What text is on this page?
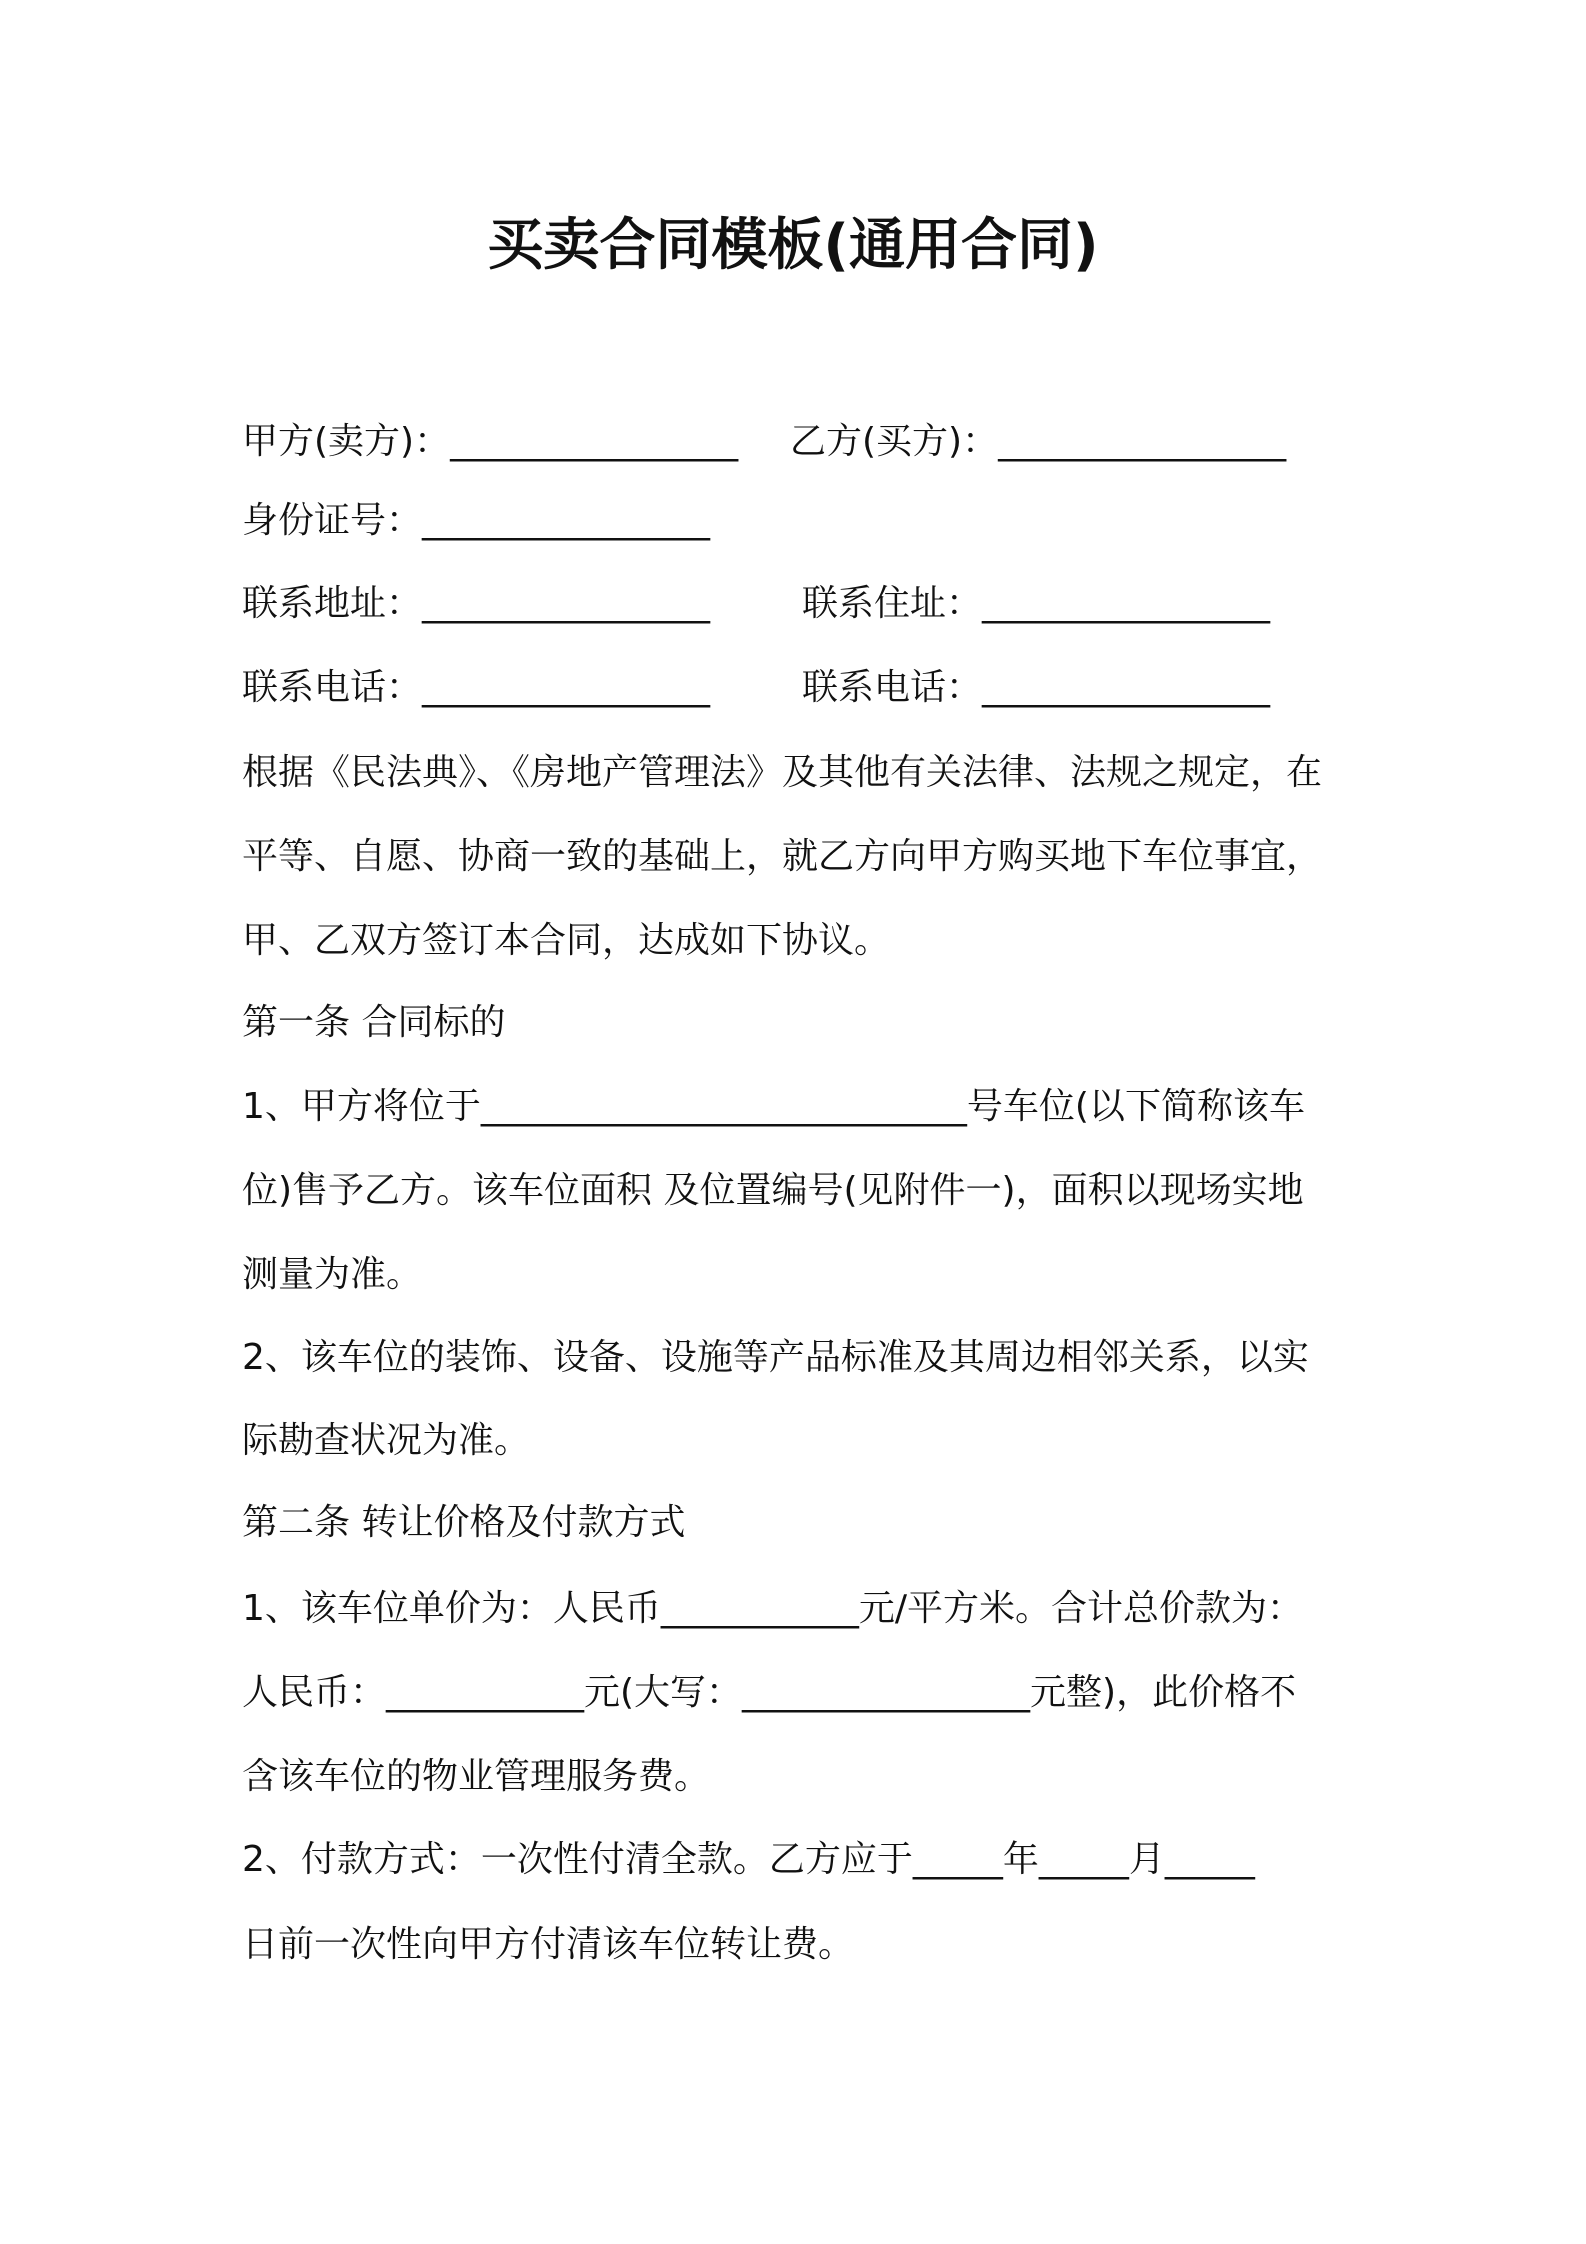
买卖合同模板(通用合同)
甲方(卖方)：________________ 乙方(买方)：________________
身份证号：________________
联系地址：________________	联系住址：________________
联系电话：________________	联系电话：________________
根据《民法典》、《房地产管理法》及其他有关法律、法规之规定，在
平等、自愿、协商一致的基础上，就乙方向甲方购买地下车位事宜，
甲、乙双方签订本合同，达成如下协议。
第一条 合同标的
1、甲方将位于___________________________号车位(以下简称该车
位)售予乙方。该车位面积 及位置编号(见附件一)，面积以现场实地
测量为准。
2、该车位的装饰、设备、设施等产品标准及其周边相邻关系，以实
际勘查状况为准。
第二条 转让价格及付款方式
1、该车位单价为：人民币___________元/平方米。合计总价款为：
人民币：___________元(大写：________________元整)，此价格不
含该车位的物业管理服务费。
2、付款方式：一次性付清全款。乙方应于_____年_____月_____
日前一次性向甲方付清该车位转让费。
